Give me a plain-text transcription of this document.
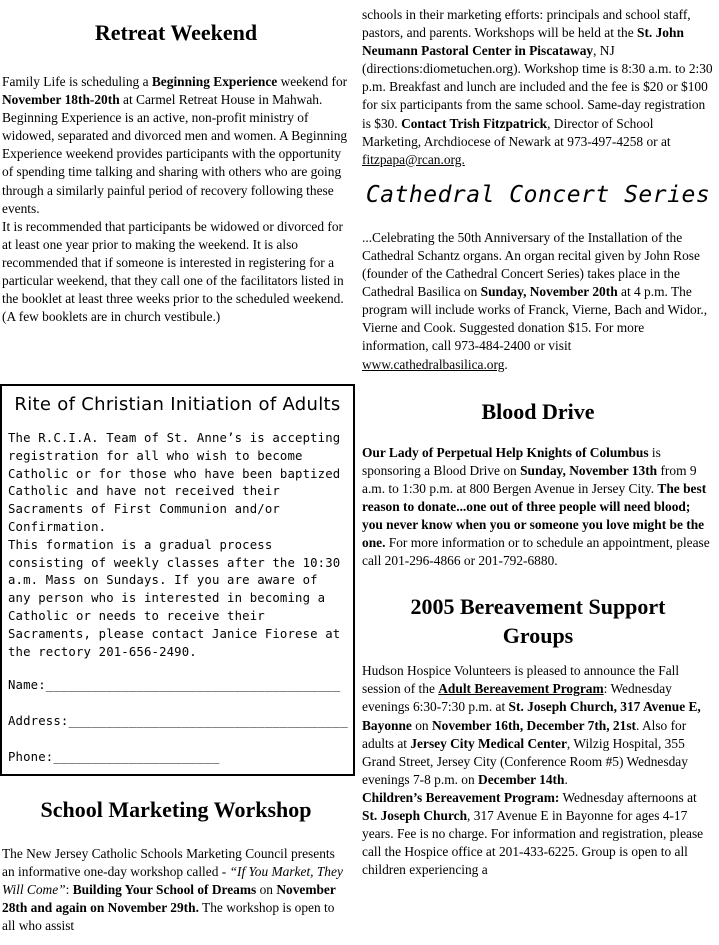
Retreat Weekend

Family Life is scheduling a Beginning Experience weekend for November 18th-20th at Carmel Retreat House in Mahwah.

Beginning Experience is an active, non-profit ministry of widowed, separated and divorced men and women. A Beginning Experience weekend provides participants with the opportunity of spending time talking and sharing with others who are going through a similarly painful period of recovery following these events.

It is recommended that participants be widowed or divorced for at least one year prior to making the weekend. It is also recommended that if someone is interested in registering for a particular weekend, that they call one of the facilitators listed in the booklet at least three weeks prior to the scheduled weekend. (A few booklets are in church vestibule.)

Rite of Christian Initiation of Adults

The R.C.I.A. Team of St. Anne’s is accepting registration for all who wish to become Catholic or for those who have been baptized Catholic and have not received their Sacraments of First Communion and/or Confirmation.

This formation is a gradual process consisting of weekly classes after the 10:30 a.m. Mass on Sundays. If you are aware of any person who is interested in becoming a Catholic or needs to receive their Sacraments, please contact Janice Fiorese at the rectory 201-656-2490.

Name:_______________________________________

Address:_____________________________________

Phone:______________________

School Marketing Workshop

The New Jersey Catholic Schools Marketing Council presents an informative one-day workshop called - “If You Market, They Will Come”: Building Your School of Dreams on November 28th and again on November 29th. The workshop is open to all who assist

schools in their marketing efforts: principals and school staff, pastors, and parents. Workshops will be held at the St. John Neumann Pastoral Center in Piscataway, NJ (directions:diometuchen.org). Workshop time is 8:30 a.m. to 2:30 p.m. Breakfast and lunch are included and the fee is $20 or $100 for six participants from the same school. Same-day registration is $30. Contact Trish Fitzpatrick, Director of School Marketing, Archdiocese of Newark at 973-497-4258 or at fitzpapa@rcan.org.

Cathedral Concert Series

...Celebrating the 50th Anniversary of the Installation of the Cathedral Schantz organs. An organ recital given by John Rose (founder of the Cathedral Concert Series) takes place in the Cathedral Basilica on Sunday, November 20th at 4 p.m. The program will include works of Franck, Vierne, Bach and Widor., Vierne and Cook. Suggested donation $15. For more information, call 973-484-2400 or visit www.cathedralbasilica.org.

Blood Drive

Our Lady of Perpetual Help Knights of Columbus is sponsoring a Blood Drive on Sunday, November 13th from 9 a.m. to 1:30 p.m. at 800 Bergen Avenue in Jersey City. The best reason to donate...one out of three people will need blood; you never know when you or someone you love might be the one. For more information or to schedule an appointment, please call 201-296-4866 or 201-792-6880.

2005 Bereavement Support Groups

Hudson Hospice Volunteers is pleased to announce the Fall session of the Adult Bereavement Program: Wednesday evenings 6:30-7:30 p.m. at St. Joseph Church, 317 Avenue E, Bayonne on November 16th, December 7th, 21st. Also for adults at Jersey City Medical Center, Wilzig Hospital, 355 Grand Street, Jersey City (Conference Room #5) Wednesday evenings 7-8 p.m. on December 14th.

Children’s Bereavement Program: Wednesday afternoons at St. Joseph Church, 317 Avenue E in Bayonne for ages 4-17 years. Fee is no charge. For information and registration, please call the Hospice office at 201-433-6225. Group is open to all children experiencing a
